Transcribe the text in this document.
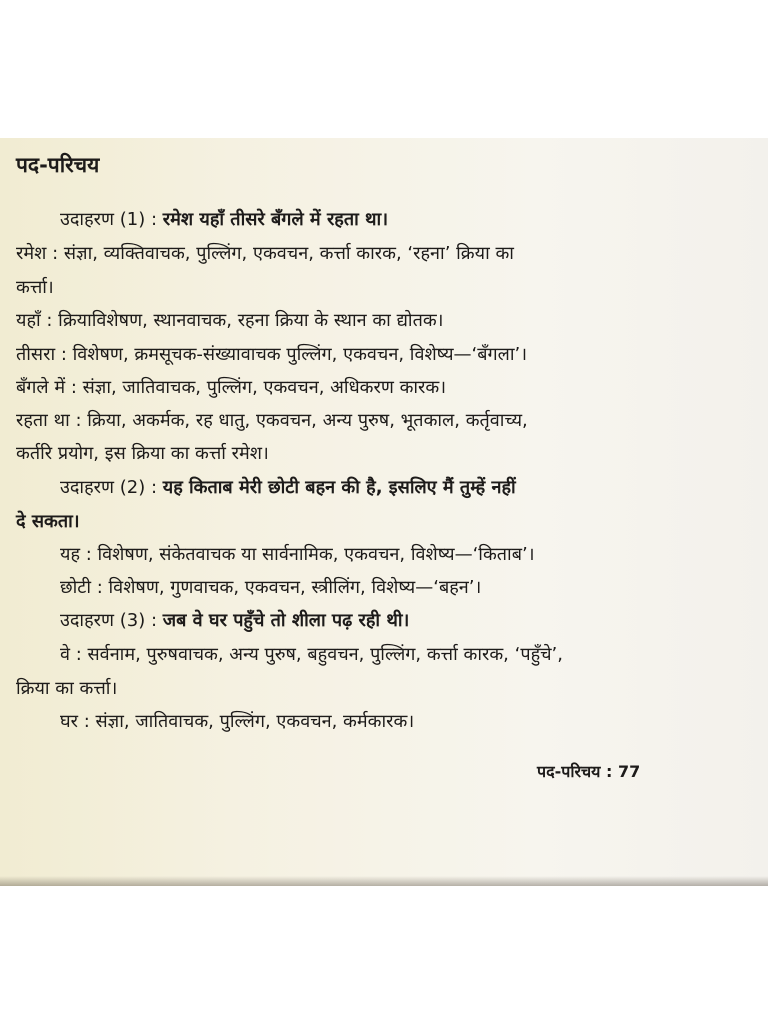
पद-परिचय
उदाहरण (1) : रमेश यहाँ तीसरे बँगले में रहता था।
रमेश : संज्ञा, व्यक्तिवाचक, पुल्लिंग, एकवचन, कर्त्ता कारक, ‘रहना’ क्रिया का
कर्त्ता।
यहाँ : क्रियाविशेषण, स्थानवाचक, रहना क्रिया के स्थान का द्योतक।
तीसरा : विशेषण, क्रमसूचक-संख्यावाचक पुल्लिंग, एकवचन, विशेष्य—‘बँगला’।
बँगले में : संज्ञा, जातिवाचक, पुल्लिंग, एकवचन, अधिकरण कारक।
रहता था : क्रिया, अकर्मक, रह धातु, एकवचन, अन्य पुरुष, भूतकाल, कर्तृवाच्य,
कर्तरि प्रयोग, इस क्रिया का कर्त्ता रमेश।
उदाहरण (2) : यह किताब मेरी छोटी बहन की है, इसलिए मैं तुम्हें नहीं
दे सकता।
यह : विशेषण, संकेतवाचक या सार्वनामिक, एकवचन, विशेष्य—‘किताब’।
छोटी : विशेषण, गुणवाचक, एकवचन, स्त्रीलिंग, विशेष्य—‘बहन’।
उदाहरण (3) : जब वे घर पहुँचे तो शीला पढ़ रही थी।
वे : सर्वनाम, पुरुषवाचक, अन्य पुरुष, बहुवचन, पुल्लिंग, कर्त्ता कारक, ‘पहुँचे’,
क्रिया का कर्त्ता।
घर : संज्ञा, जातिवाचक, पुल्लिंग, एकवचन, कर्मकारक।
पद-परिचय : 77
